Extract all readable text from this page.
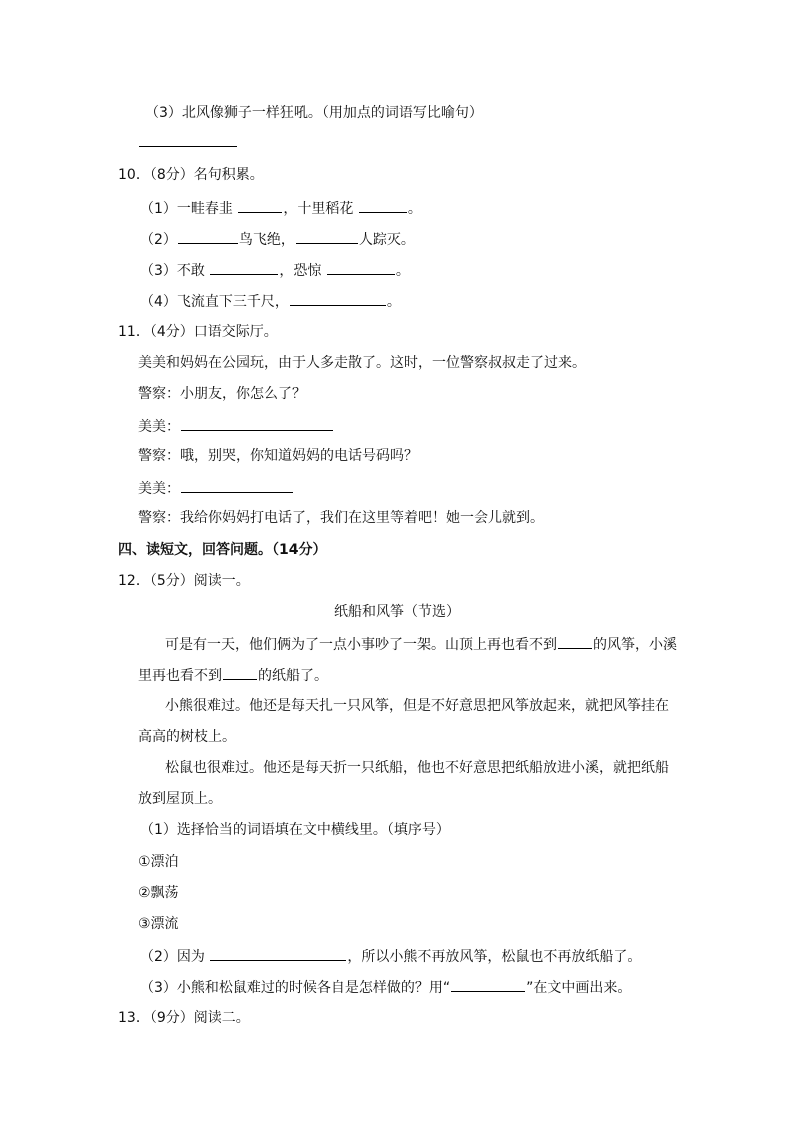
（3）北风像狮子一样狂吼。（用加点的词语写比喻句）
10．（8分）名句积累。
（1）一畦春韭	，十里稻花	。
（2）	鸟飞绝，	人踪灭。
（3）不敢	，恐惊	。
（4）飞流直下三千尺，	。
11．（4分）口语交际厅。
美美和妈妈在公园玩，由于人多走散了。这时，一位警察叔叔走了过来。
警察：小朋友，你怎么了？
美美：
警察：哦，别哭，你知道妈妈的电话号码吗？
美美：
警察：我给你妈妈打电话了，我们在这里等着吧！她一会儿就到。
四、读短文，回答问题。（14分）
12．（5分）阅读一。
纸船和风筝（节选）
可是有一天，他们俩为了一点小事吵了一架。山顶上再也看不到	的风筝，小溪
里再也看不到	的纸船了。
小熊很难过。他还是每天扎一只风筝，但是不好意思把风筝放起来，就把风筝挂在
高高的树枝上。
松鼠也很难过。他还是每天折一只纸船，他也不好意思把纸船放进小溪，就把纸船
放到屋顶上。
（1）选择恰当的词语填在文中横线里。（填序号）
①漂泊
②飘荡
③漂流
（2）因为	，所以小熊不再放风筝，松鼠也不再放纸船了。
（3）小熊和松鼠难过的时候各自是怎样做的？用“	”在文中画出来。
13．（9分）阅读二。
